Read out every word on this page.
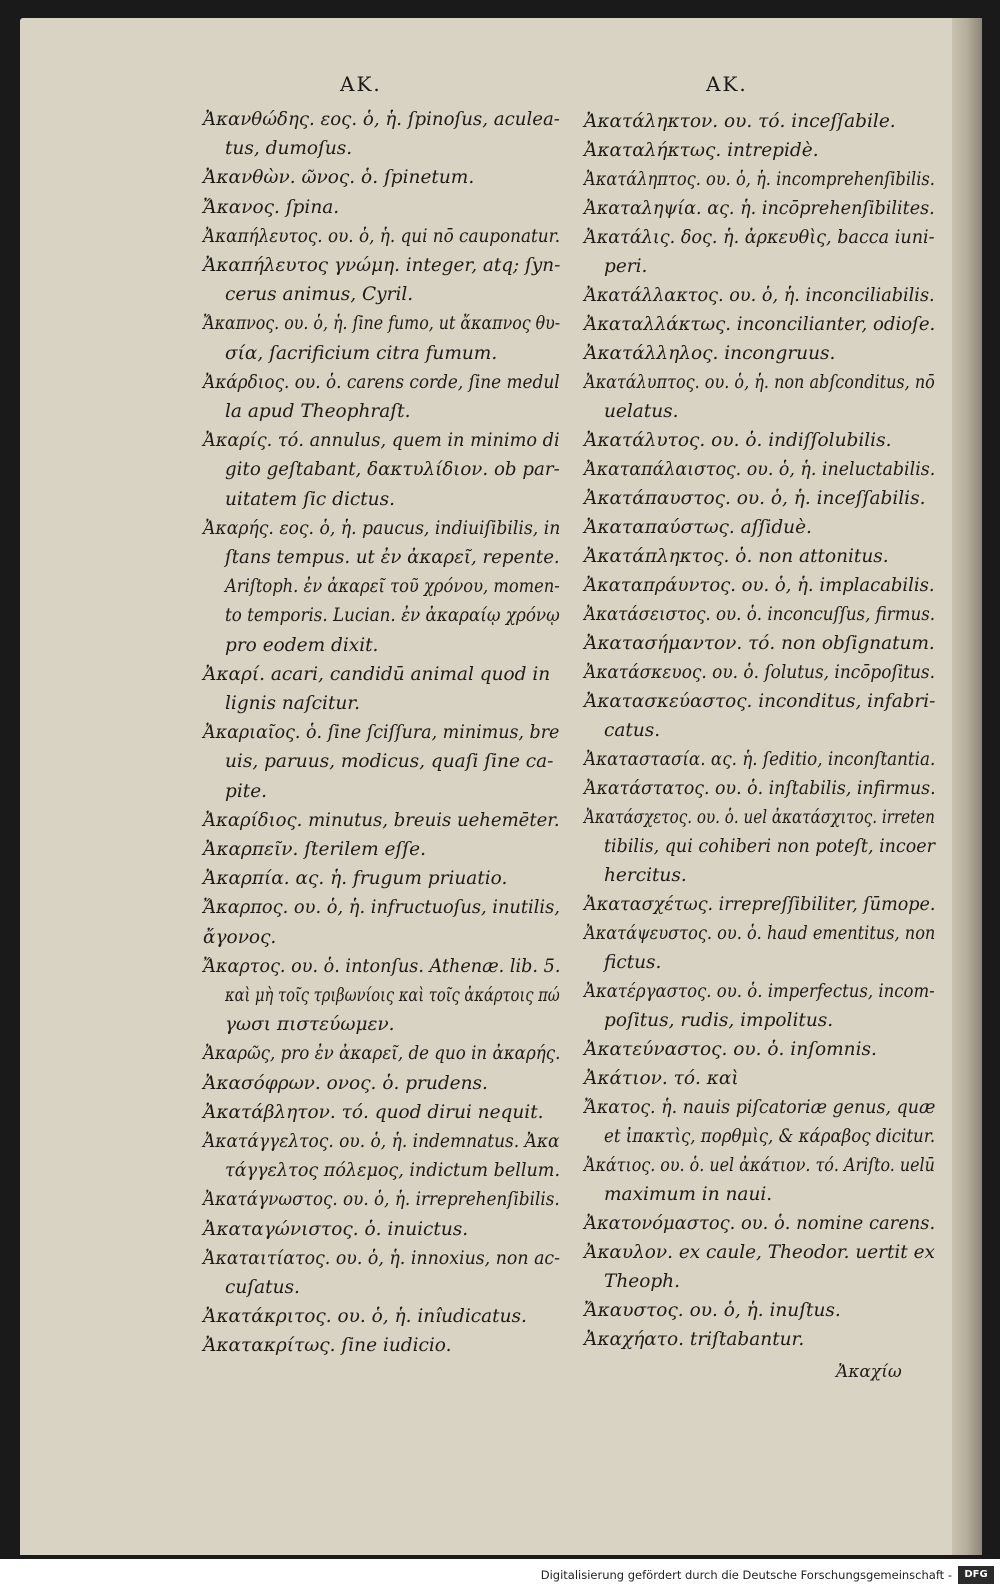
AK.	AK.
Ἀκανθώδης. εος. ὁ, ἡ. ſpinoſus, aculea-
tus, dumoſus.
Ἀκανθὼν. ῶνος. ὁ. ſpinetum.
Ἄκανος. ſpina.
Ἀκαπήλευτος. ου. ὁ, ἡ. qui nō cauponatur.
Ἀκαπήλευτος γνώμη. integer, atq; ſyn-
cerus animus, Cyril.
Ἄκαπνος. ου. ὁ, ἡ. ſine fumo, ut ἄκαπνος θυ-
σία, ſacrificium citra fumum.
Ἀκάρδιος. ου. ὁ. carens corde, ſine medul
la apud Theophraſt.
Ἀκαρίς. τό. annulus, quem in minimo di
gito geſtabant, δακτυλίδιον. ob par-
uitatem ſic dictus.
Ἀκαρής. εος. ὁ, ἡ. paucus, indiuiſibilis, in
ſtans tempus. ut ἐν ἀκαρεῖ, repente.
Ariſtoph. ἐν ἀκαρεῖ τοῦ χρόνου, momen-
to temporis. Lucian. ἐν ἀκαραίῳ χρόνῳ
pro eodem dixit.
Ἀκαρί. acari, candidū animal quod in
lignis naſcitur.
Ἀκαριαῖος. ὁ. ſine ſciſſura, minimus, bre
uis, paruus, modicus, quaſi ſine ca-
pite.
Ἀκαρίδιος. minutus, breuis uehemēter.
Ἀκαρπεῖν. ſterilem eſſe.
Ἀκαρπία. ας. ἡ. frugum priuatio.
Ἄκαρπος. ου. ὁ, ἡ. infructuoſus, inutilis,
ἄγονος.
Ἄκαρτος. ου. ὁ. intonſus. Athenæ. lib. 5.
καὶ μὴ τοῖς τριβωνίοις καὶ τοῖς ἀκάρτοις πώ
γωσι πιστεύωμεν.
Ἀκαρῶς, pro ἐν ἀκαρεῖ, de quo in ἀκαρής.
Ἀκασόφρων. ονος. ὁ. prudens.
Ἀκατάβλητον. τό. quod dirui nequit.
Ἀκατάγγελτος. ου. ὁ, ἡ. indemnatus. Ἀκα
τάγγελτος πόλεμος, indictum bellum.
Ἀκατάγνωστος. ου. ὁ, ἡ. irreprehenſibilis.
Ἀκαταγώνιστος. ὁ. inuictus.
Ἀκαταιτίατος. ου. ὁ, ἡ. innoxius, non ac-
cuſatus.
Ἀκατάκριτος. ου. ὁ, ἡ. inîudicatus.
Ἀκατακρίτως. ſine iudicio.
Ἀκατάληκτον. ου. τό. inceſſabile.
Ἀκαταλήκτως. intrepidè.
Ἀκατάληπτος. ου. ὁ, ἡ. incomprehenſibilis.
Ἀκαταληψία. ας. ἡ. incōprehenſibilites.
Ἀκατάλις. δος. ἡ. ἀρκευθὶς, bacca iuni-
peri.
Ἀκατάλλακτος. ου. ὁ, ἡ. inconciliabilis.
Ἀκαταλλάκτως. inconcilianter, odioſe.
Ἀκατάλληλος. incongruus.
Ἀκατάλυπτος. ου. ὁ, ἡ. non abſconditus, nō
uelatus.
Ἀκατάλυτος. ου. ὁ. indiſſolubilis.
Ἀκαταπάλαιστος. ου. ὁ, ἡ. ineluctabilis.
Ἀκατάπαυστος. ου. ὁ, ἡ. inceſſabilis.
Ἀκαταπαύστως. aſſiduè.
Ἀκατάπληκτος. ὁ. non attonitus.
Ἀκαταπράυντος. ου. ὁ, ἡ. implacabilis.
Ἀκατάσειστος. ου. ὁ. inconcuſſus, firmus.
Ἀκατασήμαντον. τό. non obſignatum.
Ἀκατάσκευος. ου. ὁ. ſolutus, incōpoſitus.
Ἀκατασκεύαστος. inconditus, infabri-
catus.
Ἀκαταστασία. ας. ἡ. ſeditio, inconſtantia.
Ἀκατάστατος. ου. ὁ. inſtabilis, infirmus.
Ἀκατάσχετος. ου. ὁ. uel ἀκατάσχιτος. irreten
tibilis, qui cohiberi non poteſt, incoer
hercitus.
Ἀκατασχέτως. irrepreſſibiliter, ſūmope.
Ἀκατάψευστος. ου. ὁ. haud ementitus, non
fictus.
Ἀκατέργαστος. ου. ὁ. imperfectus, incom-
poſitus, rudis, impolitus.
Ἀκατεύναστος. ου. ὁ. inſomnis.
Ἀκάτιον. τό. καὶ
Ἄκατος. ἡ. nauis piſcatoriæ genus, quæ
et ἰπακτὶς, πορθμὶς, & κάραβος dicitur.
Ἀκάτιος. ου. ὁ. uel ἀκάτιον. τό. Ariſto. uelū
maximum in naui.
Ἀκατονόμαστος. ου. ὁ. nomine carens.
Ἀκαυλον. ex caule, Theodor. uertit ex
Theoph.
Ἄκαυστος. ου. ὁ, ἡ. inuſtus.
Ἀκαχήατο. triſtabantur.
Ἀκαχίω
Digitalisierung gefördert durch die Deutsche Forschungsgemeinschaft -	DFG
